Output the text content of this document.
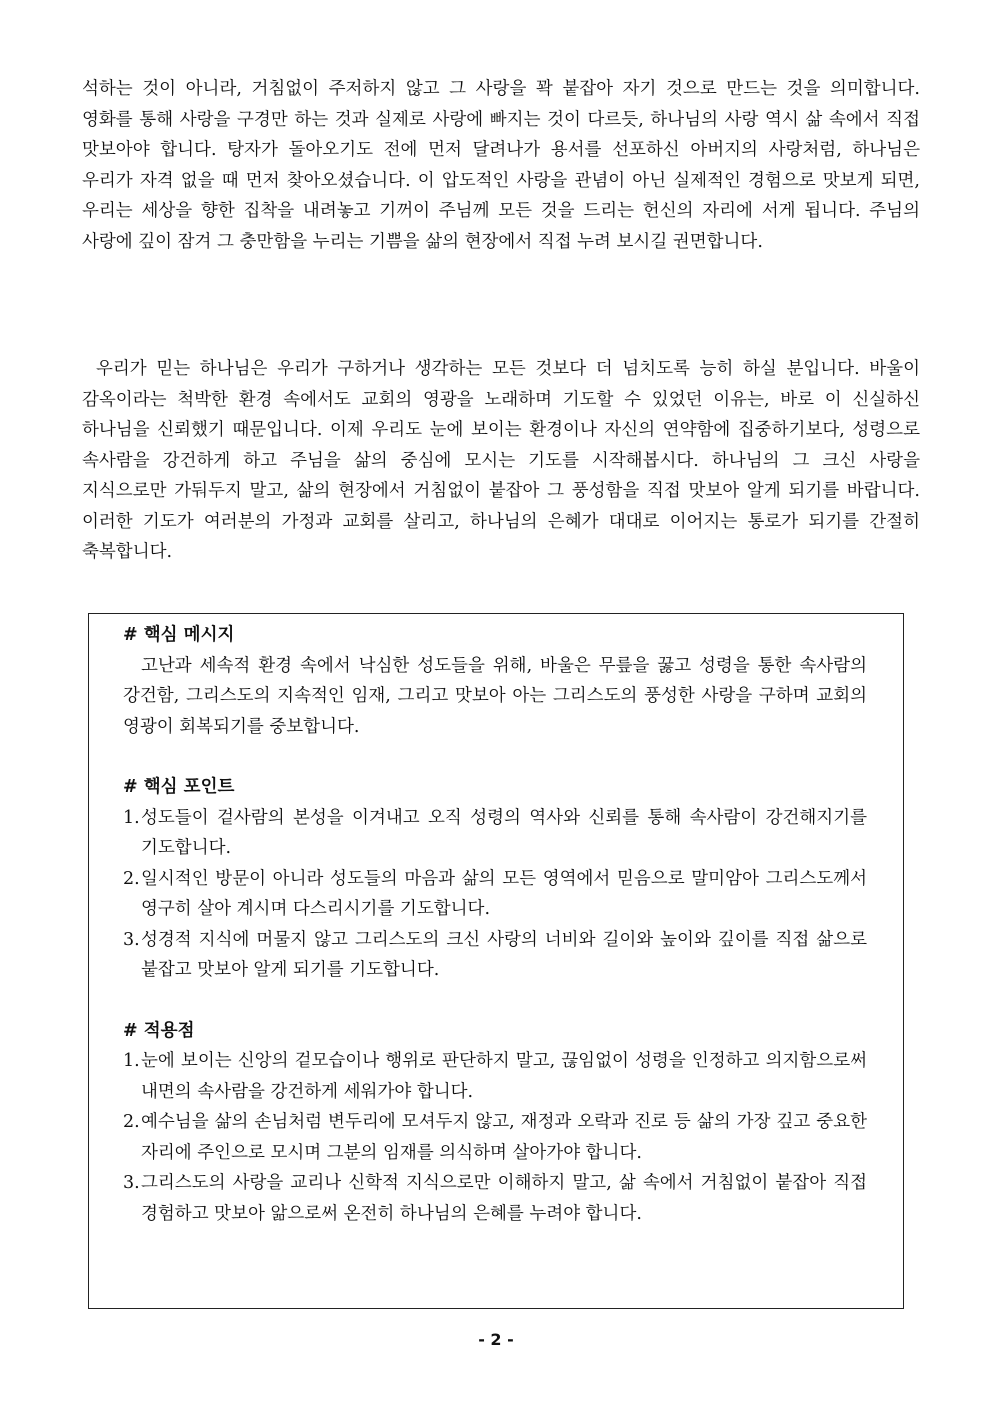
석하는 것이 아니라, 거침없이 주저하지 않고 그 사랑을 꽉 붙잡아 자기 것으로 만드는 것을 의미합니다. 영화를 통해 사랑을 구경만 하는 것과 실제로 사랑에 빠지는 것이 다르듯, 하나님의 사랑 역시 삶 속에서 직접 맛보아야 합니다. 탕자가 돌아오기도 전에 먼저 달려나가 용서를 선포하신 아버지의 사랑처럼, 하나님은 우리가 자격 없을 때 먼저 찾아오셨습니다. 이 압도적인 사랑을 관념이 아닌 실제적인 경험으로 맛보게 되면, 우리는 세상을 향한 집착을 내려놓고 기꺼이 주님께 모든 것을 드리는 헌신의 자리에 서게 됩니다. 주님의 사랑에 깊이 잠겨 그 충만함을 누리는 기쁨을 삶의 현장에서 직접 누려 보시길 권면합니다.

우리가 믿는 하나님은 우리가 구하거나 생각하는 모든 것보다 더 넘치도록 능히 하실 분입니다. 바울이 감옥이라는 척박한 환경 속에서도 교회의 영광을 노래하며 기도할 수 있었던 이유는, 바로 이 신실하신 하나님을 신뢰했기 때문입니다. 이제 우리도 눈에 보이는 환경이나 자신의 연약함에 집중하기보다, 성령으로 속사람을 강건하게 하고 주님을 삶의 중심에 모시는 기도를 시작해봅시다. 하나님의 그 크신 사랑을 지식으로만 가둬두지 말고, 삶의 현장에서 거침없이 붙잡아 그 풍성함을 직접 맛보아 알게 되기를 바랍니다. 이러한 기도가 여러분의 가정과 교회를 살리고, 하나님의 은혜가 대대로 이어지는 통로가 되기를 간절히 축복합니다.

# 핵심 메시지

고난과 세속적 환경 속에서 낙심한 성도들을 위해, 바울은 무릎을 꿇고 성령을 통한 속사람의 강건함, 그리스도의 지속적인 임재, 그리고 맛보아 아는 그리스도의 풍성한 사랑을 구하며 교회의 영광이 회복되기를 중보합니다.

# 핵심 포인트

1.성도들이 겉사람의 본성을 이겨내고 오직 성령의 역사와 신뢰를 통해 속사람이 강건해지기를 기도합니다.
2.일시적인 방문이 아니라 성도들의 마음과 삶의 모든 영역에서 믿음으로 말미암아 그리스도께서 영구히 살아 계시며 다스리시기를 기도합니다.
3.성경적 지식에 머물지 않고 그리스도의 크신 사랑의 너비와 길이와 높이와 깊이를 직접 삶으로 붙잡고 맛보아 알게 되기를 기도합니다.

# 적용점

1.눈에 보이는 신앙의 겉모습이나 행위로 판단하지 말고, 끊임없이 성령을 인정하고 의지함으로써 내면의 속사람을 강건하게 세워가야 합니다.
2.예수님을 삶의 손님처럼 변두리에 모셔두지 않고, 재정과 오락과 진로 등 삶의 가장 깊고 중요한 자리에 주인으로 모시며 그분의 임재를 의식하며 살아가야 합니다.
3.그리스도의 사랑을 교리나 신학적 지식으로만 이해하지 말고, 삶 속에서 거침없이 붙잡아 직접 경험하고 맛보아 앎으로써 온전히 하나님의 은혜를 누려야 합니다.
- 2 -
